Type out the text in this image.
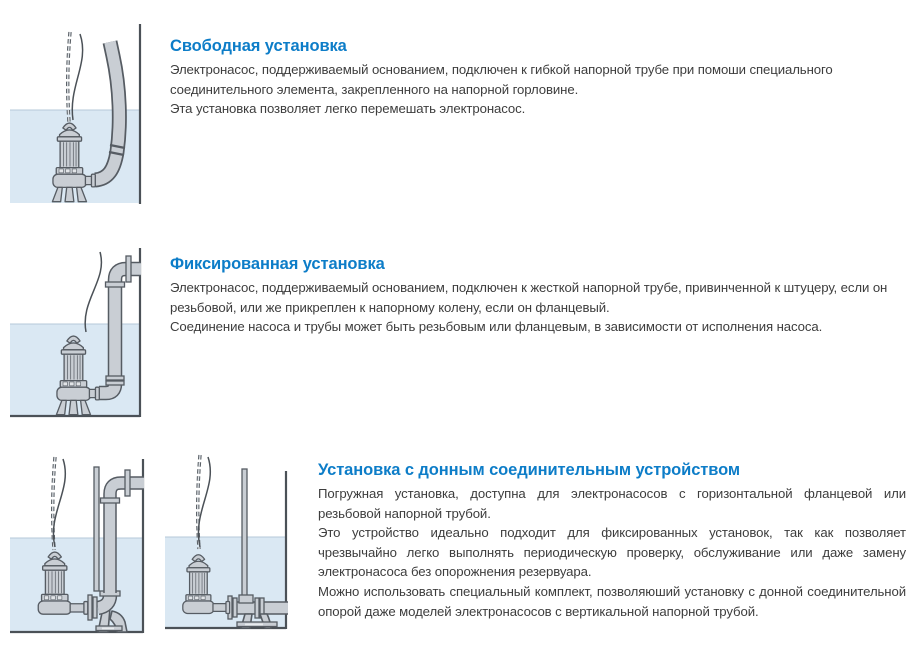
Свободная установка
Электронасос, поддерживаемый основанием, подключен к гибкой напорной трубе при помоши специального соединительного элемента, закрепленного на напорной горловине.
Эта установка позволяет легко перемешать электронасос.
Фиксированная установка
Электронасос, поддерживаемый основанием, подключен к жесткой напорной трубе, привинченной к штуцеру, если он резьбовой, или же прикреплен к напорному колену, если он фланцевый.
Соединение насоса и трубы может быть резьбовым или фланцевым, в зависимости от исполнения насоса.
Установка с донным соединительным устройством
Погружная установка, доступна для электронасосов с горизонтальной фланцевой или резьбовой напорной трубой.
Это устройство идеально подходит для фиксированных установок, так как позволяет чрезвычайно легко выполнять периодическую проверку, обслуживание или даже замену электронасоса без опорожнения резервуара.
Можно использовать специальный комплект, позволяюший установку с донной соединительной опорой даже моделей электронасосов с вертикальной напорной трубой.
